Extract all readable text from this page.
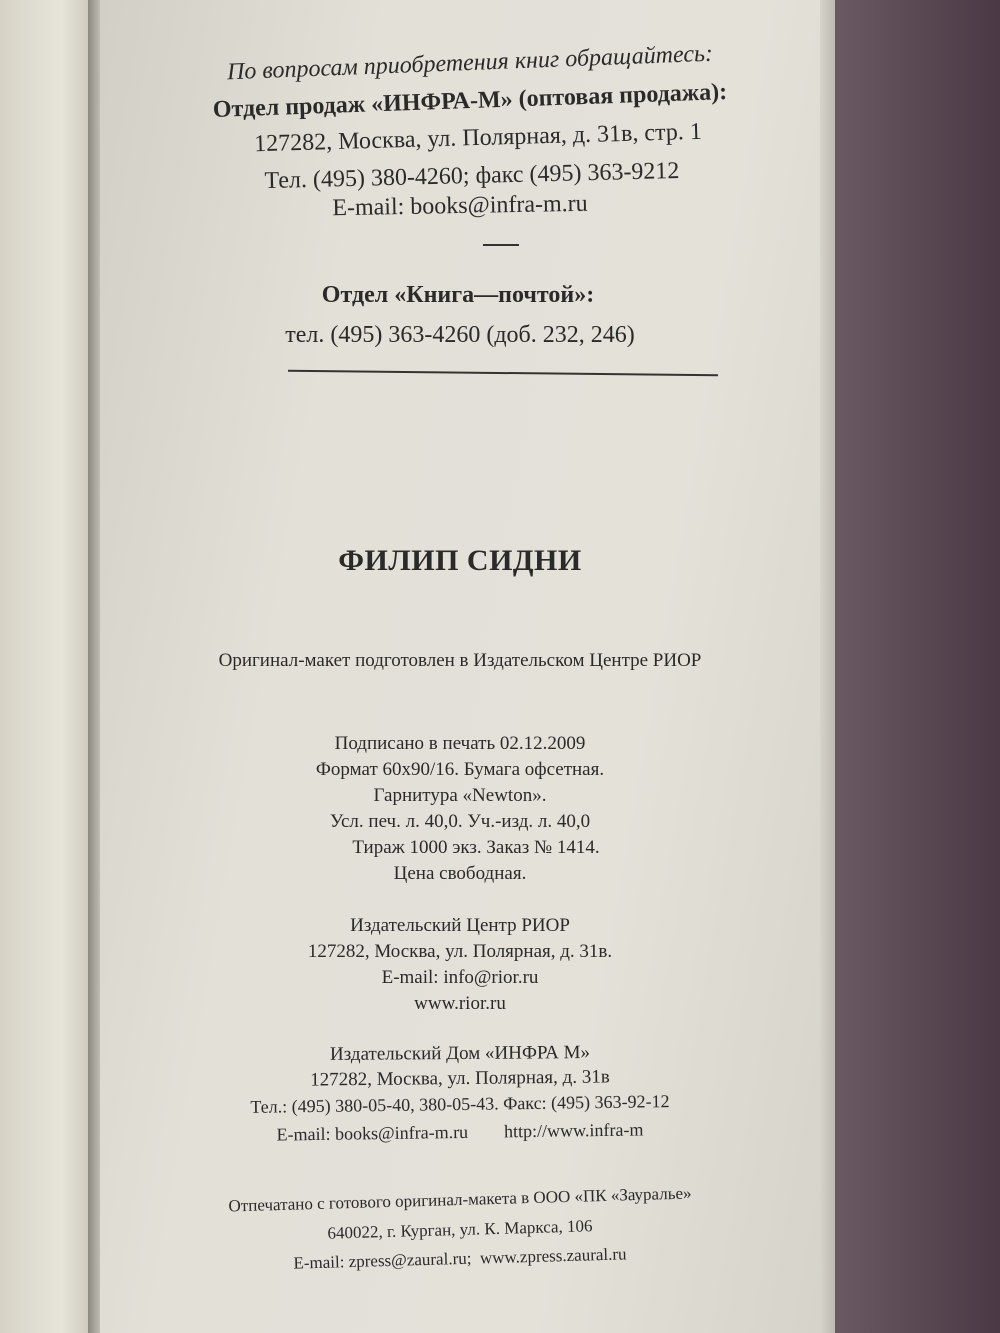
По вопросам приобретения книг обращайтесь:
Отдел продаж «ИНФРА-М» (оптовая продажа):
127282, Москва, ул. Полярная, д. 31в, стр. 1
Тел. (495) 380-4260; факс (495) 363-9212
E-mail: books@infra-m.ru
Отдел «Книга—почтой»:
тел. (495) 363-4260 (доб. 232, 246)
ФИЛИП СИДНИ
Оригинал-макет подготовлен в Издательском Центре РИОР
Подписано в печать 02.12.2009
Формат 60х90/16. Бумага офсетная.
Гарнитура «Newton».
Усл. печ. л. 40,0. Уч.-изд. л. 40,0
Тираж 1000 экз. Заказ № 1414.
Цена свободная.
Издательский Центр РИОР
127282, Москва, ул. Полярная, д. 31в.
E-mail: info@rior.ru
www.rior.ru
Издательский Дом «ИНФРА М»
127282, Москва, ул. Полярная, д. 31в
Тел.: (495) 380-05-40, 380-05-43. Факс: (495) 363-92-12
E-mail: books@infra-m.ru        http://www.infra-m
Отпечатано с готового оригинал-макета в ООО «ПК «Зауралье»
640022, г. Курган, ул. К. Маркса, 106
E-mail: zpress@zaural.ru;  www.zpress.zaural.ru
